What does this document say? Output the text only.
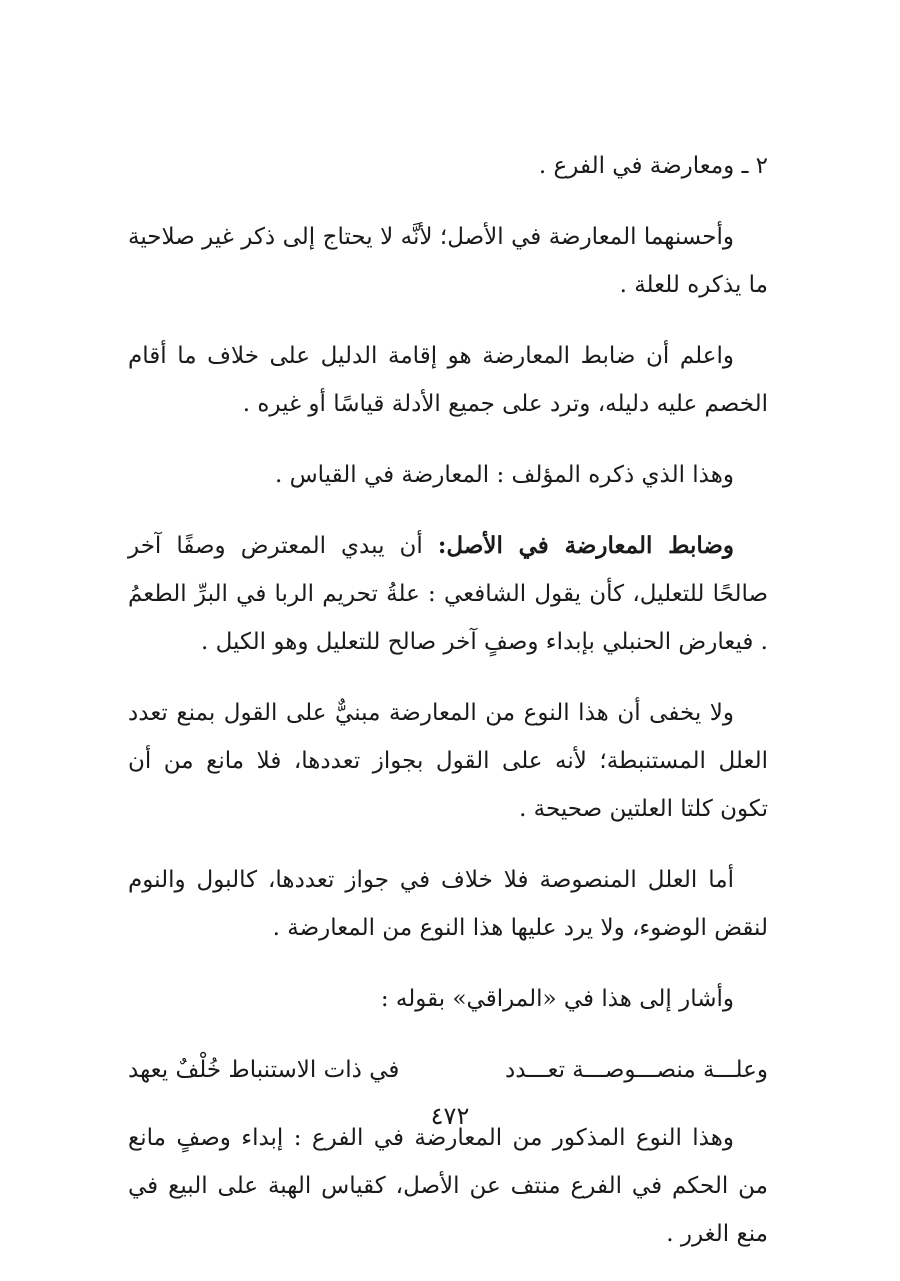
٢ ـ ومعارضة في الفرع .

وأحسنهما المعارضة في الأصل؛ لأنَّه لا يحتاج إلى ذكر غير صلاحية ما يذكره للعلة .

واعلم أن ضابط المعارضة هو إقامة الدليل على خلاف ما أقام الخصم عليه دليله، وترد على جميع الأدلة قياسًا أو غيره .

وهذا الذي ذكره المؤلف : المعارضة في القياس .

وضابط المعارضة في الأصل: أن يبدي المعترض وصفًا آخر صالحًا للتعليل، كأن يقول الشافعي : علةُ تحريم الربا في البرِّ الطعمُ . فيعارض الحنبلي بإبداء وصفٍ آخر صالح للتعليل وهو الكيل .

ولا يخفى أن هذا النوع من المعارضة مبنيٌّ على القول بمنع تعدد العلل المستنبطة؛ لأنه على القول بجواز تعددها، فلا مانع من أن تكون كلتا العلتين صحيحة .

أما العلل المنصوصة فلا خلاف في جواز تعددها، كالبول والنوم لنقض الوضوء، ولا يرد عليها هذا النوع من المعارضة .

وأشار إلى هذا في «المراقي» بقوله :

وعلـــة منصـــوصـــة تعـــدد
في ذات الاستنباط خُلْفٌ يعهد

وهذا النوع المذكور من المعارضة في الفرع : إبداء وصفٍ مانع من الحكم في الفرع منتف عن الأصل، كقياس الهبة على البيع في منع الغرر .

٤٧٢
